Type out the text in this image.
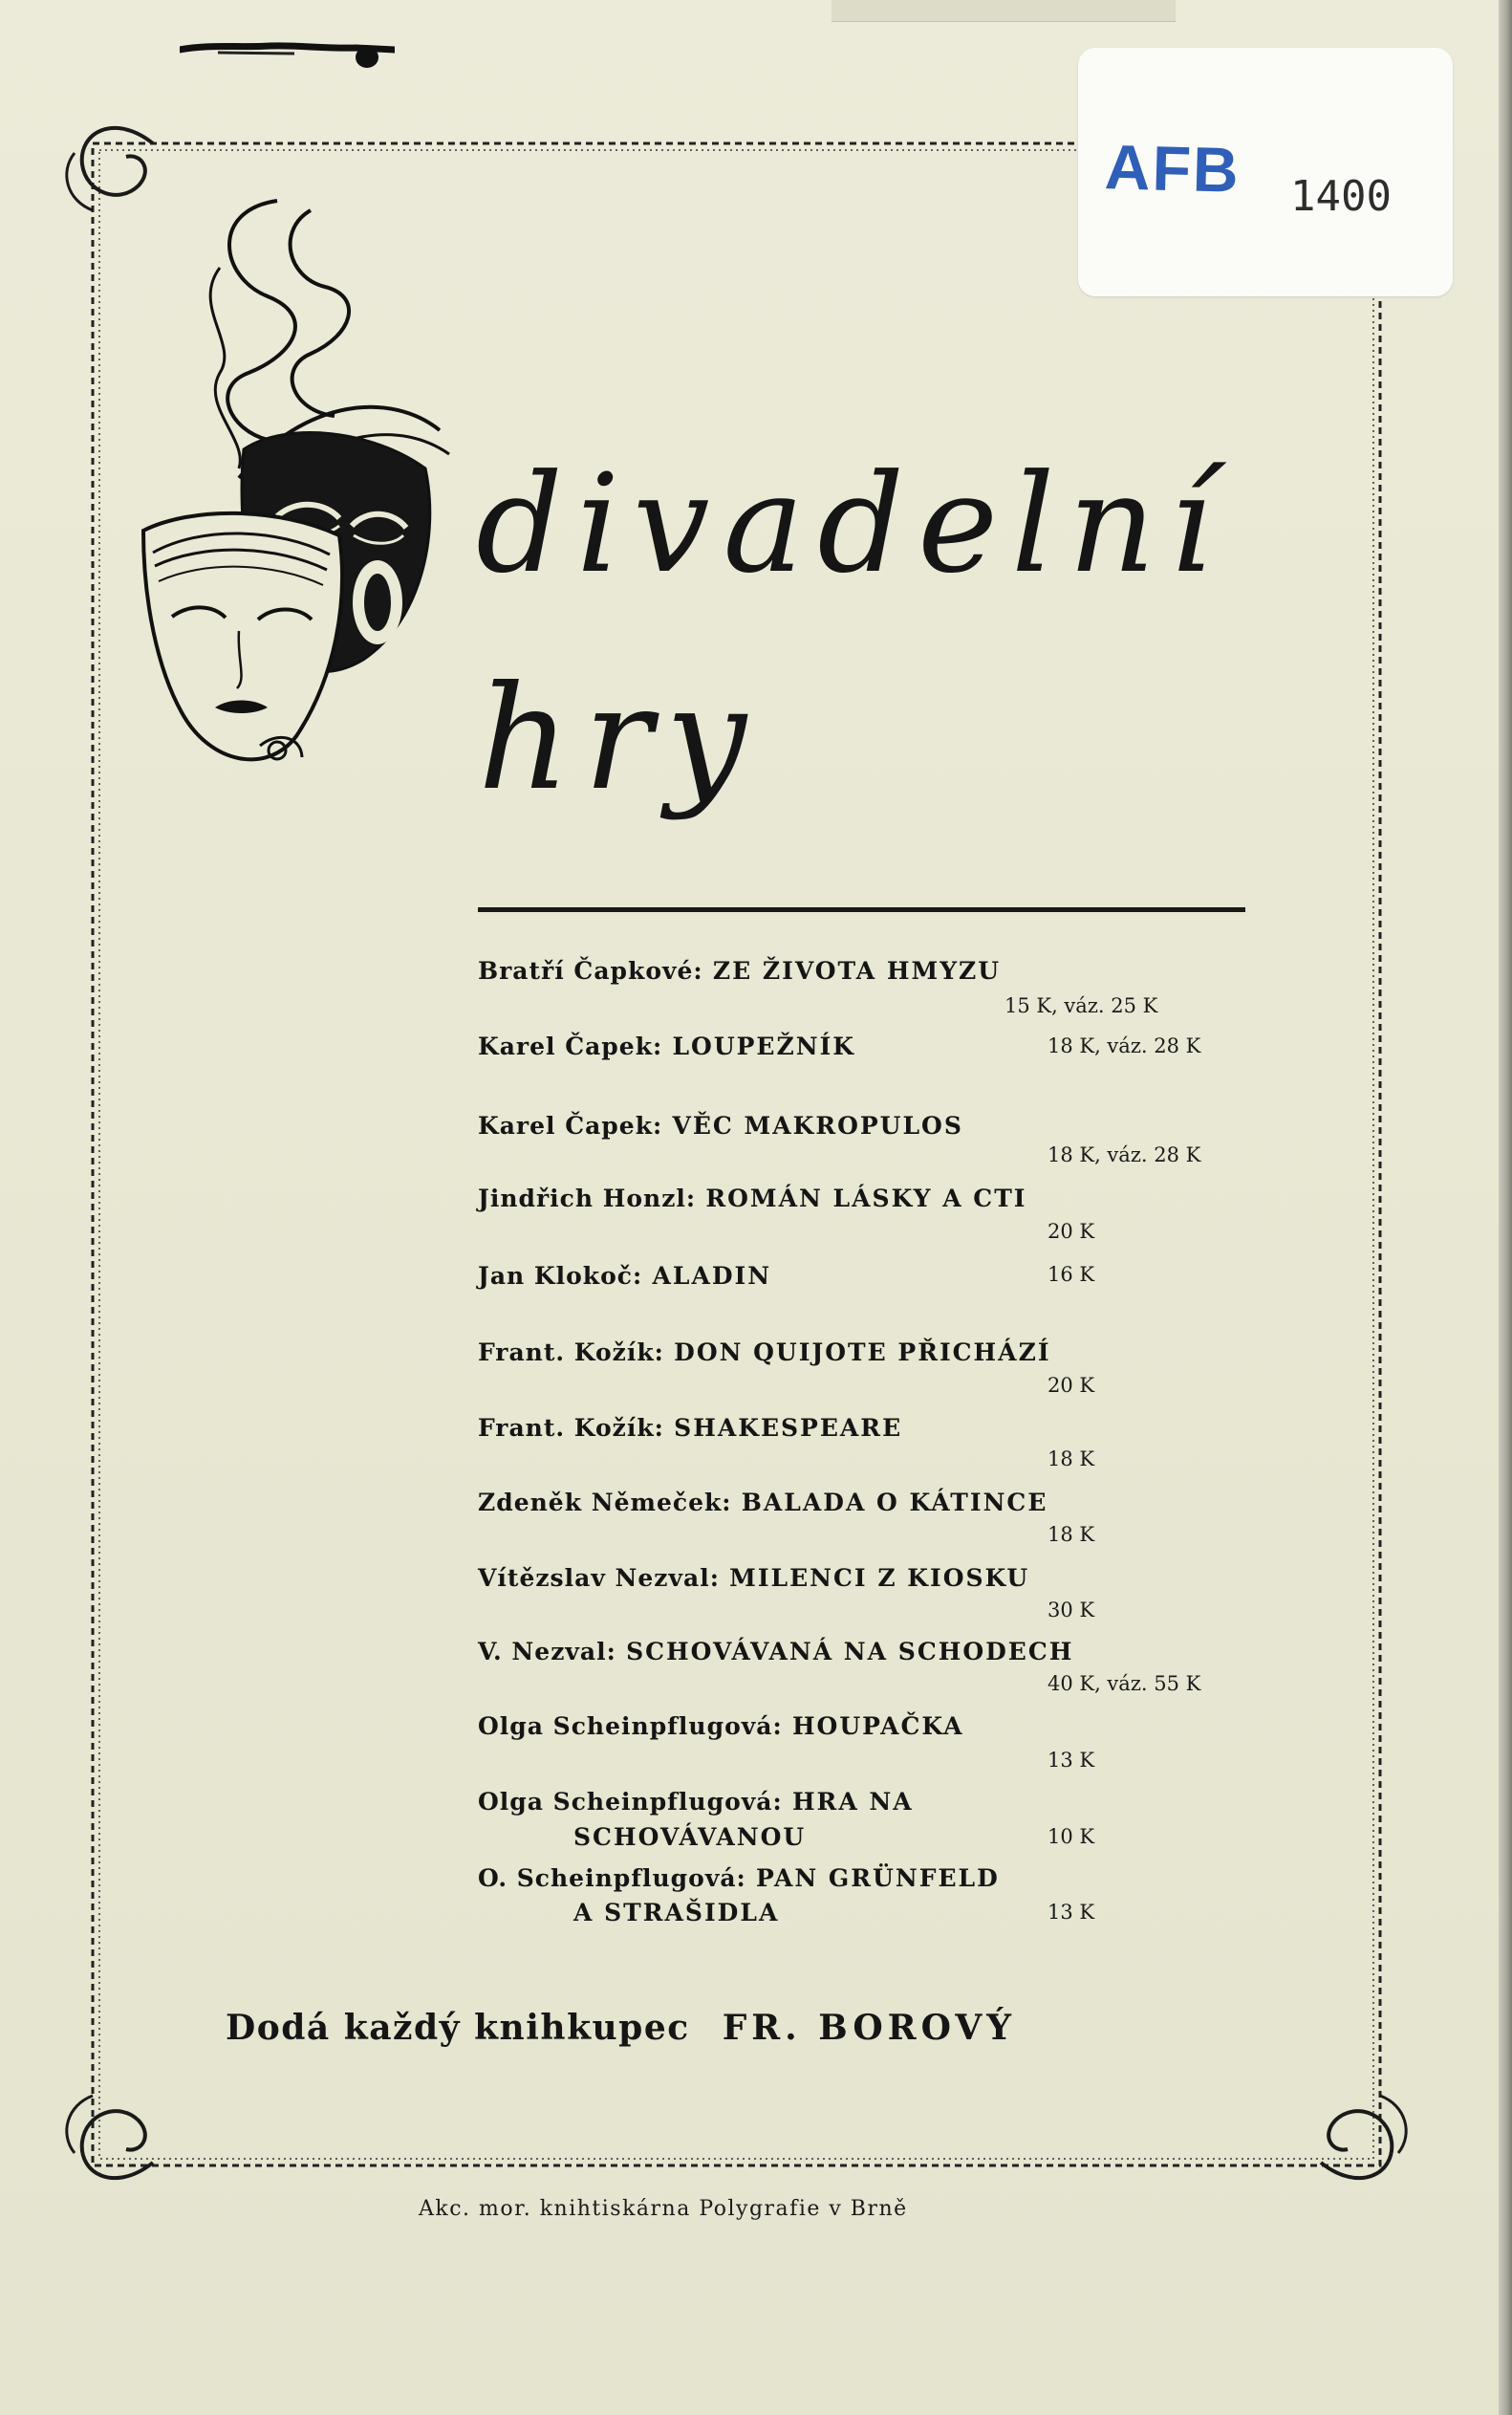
AFB 1400
divadelní
hry
Bratří Čapkové: ZE ŽIVOTA HMYZU
15 K, váz. 25 K
Karel Čapek: LOUPEŽNÍK	18 K, váz. 28 K
Karel Čapek: VĚC MAKROPULOS
18 K, váz. 28 K
Jindřich Honzl: ROMÁN LÁSKY A CTI
20 K
Jan Klokoč: ALADIN	16 K
Frant. Kožík: DON QUIJOTE PŘICHÁZÍ
20 K
Frant. Kožík: SHAKESPEARE
18 K
Zdeněk Němeček: BALADA O KÁTINCE
18 K
Vítězslav Nezval: MILENCI Z KIOSKU
30 K
V. Nezval: SCHOVÁVANÁ NA SCHODECH
40 K, váz. 55 K
Olga Scheinpflugová: HOUPAČKA
13 K
Olga Scheinpflugová: HRA NA
SCHOVÁVANOU	10 K
O. Scheinpflugová: PAN GRÜNFELD
A STRAŠIDLA	13 K
Dodá každý knihkupec FR. BOROVÝ
Akc. mor. knihtiskárna Polygrafie v Brně
